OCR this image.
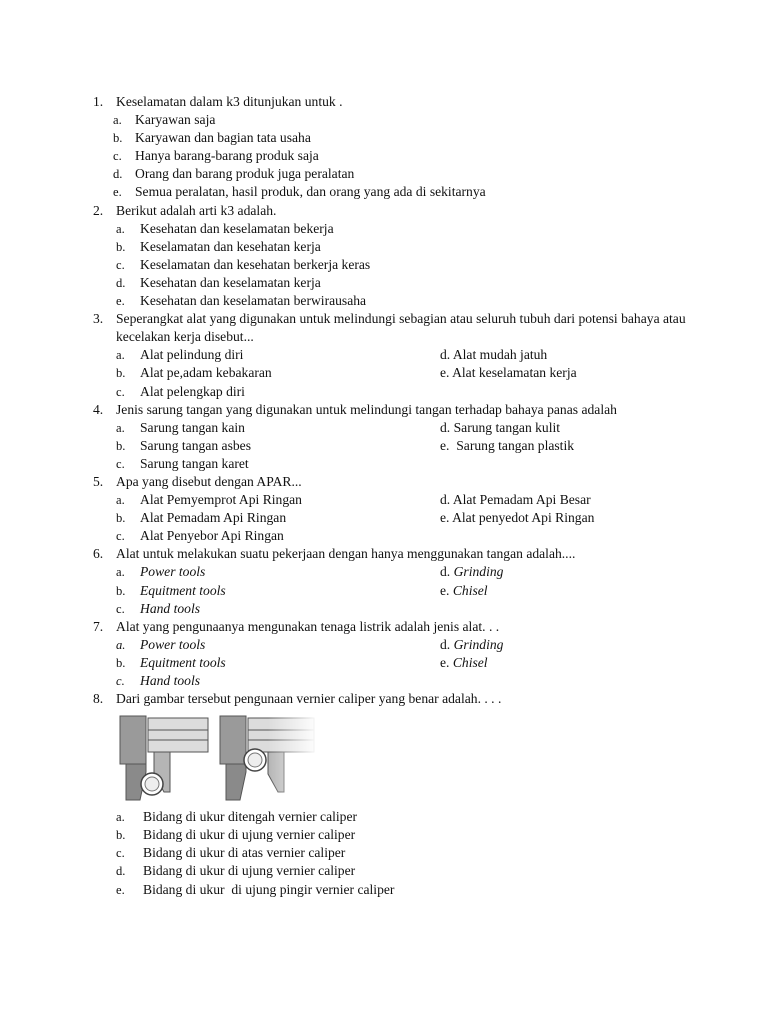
1. Keselamatan dalam k3 ditunjukan untuk .
a. Karyawan saja
b. Karyawan dan bagian tata usaha
c. Hanya barang-barang produk saja
d. Orang dan barang produk juga peralatan
e. Semua peralatan, hasil produk, dan orang yang ada di sekitarnya
2. Berikut adalah arti k3 adalah.
a. Kesehatan dan keselamatan bekerja
b. Keselamatan dan kesehatan kerja
c. Keselamatan dan kesehatan berkerja keras
d. Kesehatan dan keselamatan kerja
e. Kesehatan dan keselamatan berwirausaha
3. Seperangkat alat yang digunakan untuk melindungi sebagian atau seluruh tubuh dari potensi bahaya atau kecelakan kerja disebut...
a. Alat pelindung diri	d. Alat mudah jatuh
b. Alat pe,adam kebakaran	e. Alat keselamatan kerja
c. Alat pelengkap diri
4. Jenis sarung tangan yang digunakan untuk melindungi tangan terhadap bahaya panas adalah
a. Sarung tangan kain	d. Sarung tangan kulit
b. Sarung tangan asbes	e.  Sarung tangan plastik
c. Sarung tangan karet
5. Apa yang disebut dengan APAR...
a. Alat Pemyemprot Api Ringan	d. Alat Pemadam Api Besar
b. Alat Pemadam Api Ringan	e. Alat penyedot Api Ringan
c. Alat Penyebor Api Ringan
6. Alat untuk melakukan suatu pekerjaan dengan hanya menggunakan tangan adalah....
a. Power tools	d. Grinding
b. Equitment tools	e. Chisel
c. Hand tools
7. Alat yang pengunaanya mengunakan tenaga listrik adalah jenis alat. . .
a. Power tools	d. Grinding
b. Equitment tools	e. Chisel
c. Hand tools
8. Dari gambar tersebut pengunaan vernier caliper yang benar adalah. . . .
a. Bidang di ukur ditengah vernier caliper
b. Bidang di ukur di ujung vernier caliper
c. Bidang di ukur di atas vernier caliper
d. Bidang di ukur di ujung vernier caliper
e. Bidang di ukur  di ujung pingir vernier caliper
